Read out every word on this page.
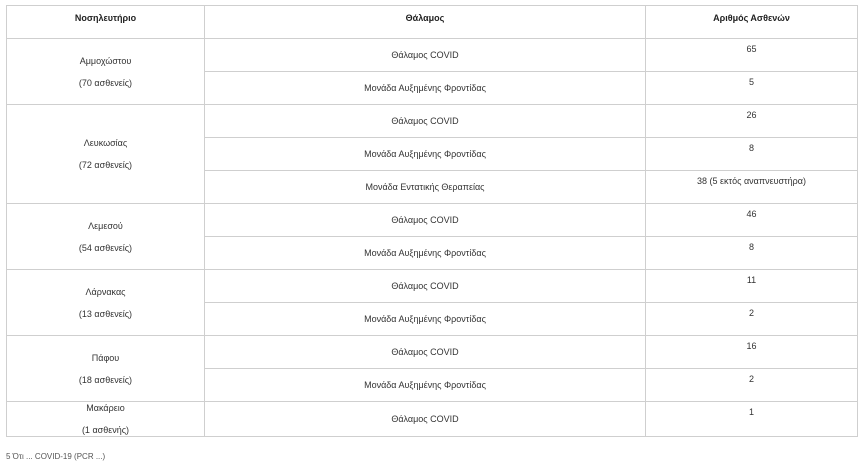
Νοσηλευτήριο	Θάλαμος	Αριθμός Ασθενών

Αμμοχώστου
(70 ασθενείς)	Θάλαμος COVID	65
	Μονάδα Αυξημένης Φροντίδας	5

Λευκωσίας
(72 ασθενείς)	Θάλαμος COVID	26
	Μονάδα Αυξημένης Φροντίδας	8
	Μονάδα Εντατικής Θεραπείας	38 (5 εκτός αναπνευστήρα)

Λεμεσού
(54 ασθενείς)	Θάλαμος COVID	46
	Μονάδα Αυξημένης Φροντίδας	8

Λάρνακας
(13 ασθενείς)	Θάλαμος COVID	11
	Μονάδα Αυξημένης Φροντίδας	2

Πάφου
(18 ασθενείς)	Θάλαμος COVID	16
	Μονάδα Αυξημένης Φροντίδας	2

Μακάρειο
(1 ασθενής)	Θάλαμος COVID	1
5 Ότι ... COVID-19 (PCR ...)
